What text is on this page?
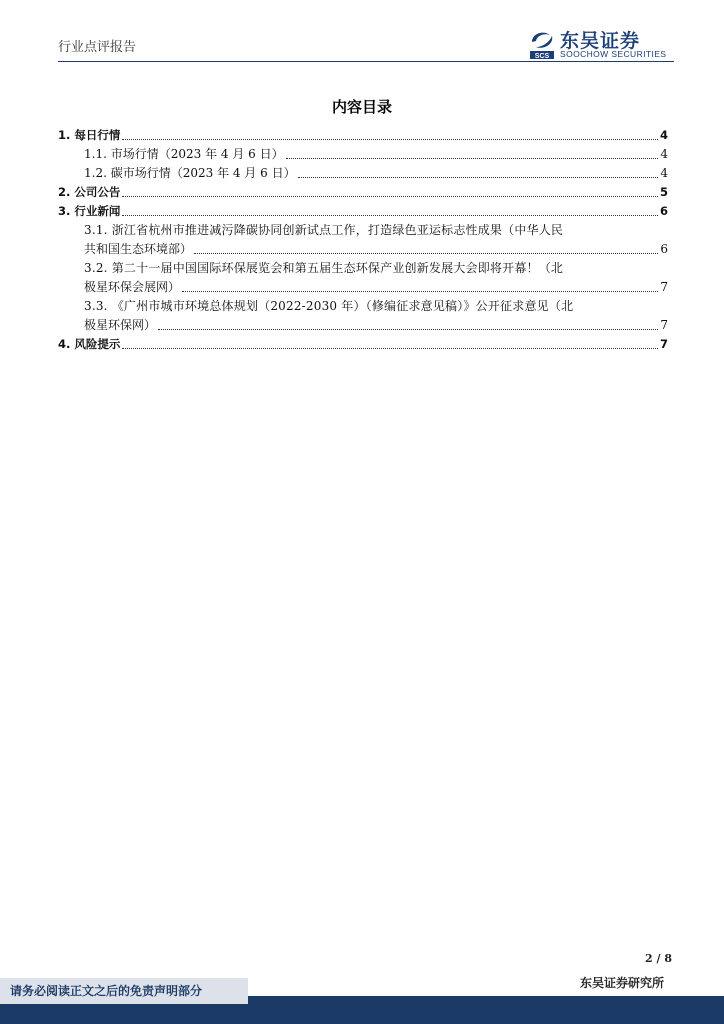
行业点评报告
SCS
东吴证券
SOOCHOW SECURITIES
内容目录
1. 每日行情	4
1.1. 市场行情（2023 年 4 月 6 日）	4
1.2. 碳市场行情（2023 年 4 月 6 日）	4
2. 公司公告	5
3. 行业新闻	6
3.1. 浙江省杭州市推进减污降碳协同创新试点工作，打造绿色亚运标志性成果（中华人民
共和国生态环境部）	6
3.2. 第二十一届中国国际环保展览会和第五届生态环保产业创新发展大会即将开幕！（北
极星环保会展网）	7
3.3. 《广州市城市环境总体规划（2022-2030 年）（修编征求意见稿）》公开征求意见（北
极星环保网）	7
4. 风险提示	7
2 / 8
东吴证券研究所
请务必阅读正文之后的免责声明部分
